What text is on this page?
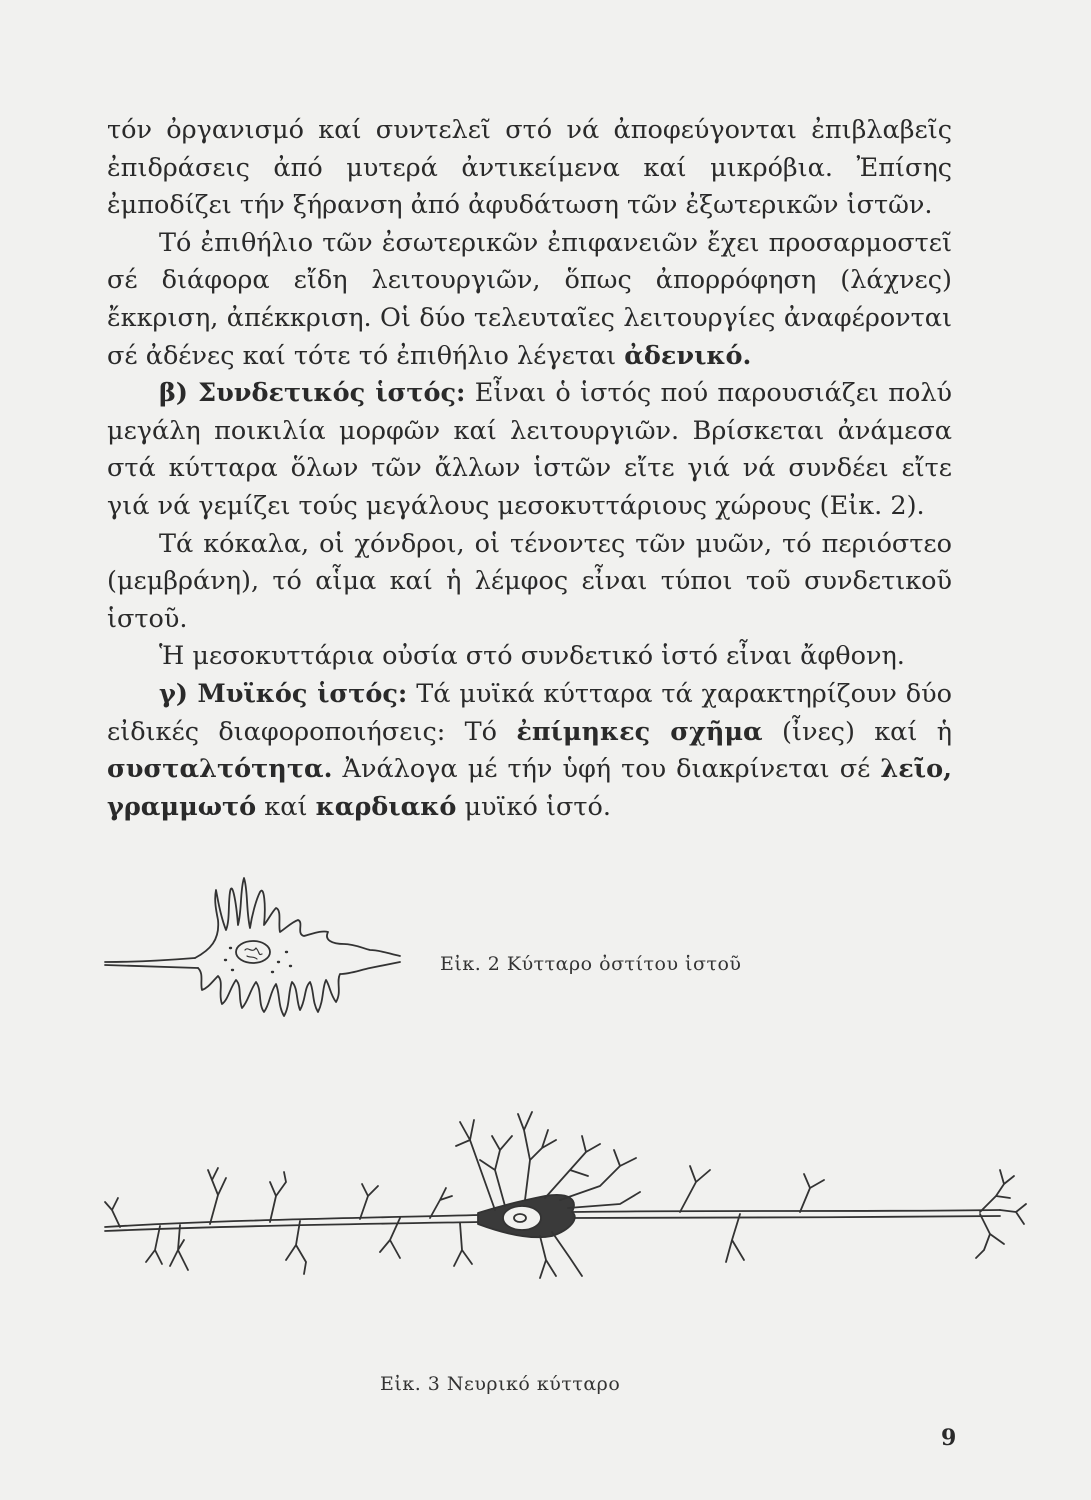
τόν ὀργανισμό καί συντελεῖ στό νά ἀποφεύγονται ἐπιβλαβεῖς ἐπιδράσεις ἀπό μυτερά ἀντικείμενα καί μικρόβια. Ἐπίσης ἐμποδίζει τήν ξήρανση ἀπό ἀφυδάτωση τῶν ἐξωτερικῶν ἱστῶν.

Τό ἐπιθήλιο τῶν ἐσωτερικῶν ἐπιφανειῶν ἔχει προσαρμοστεῖ σέ διάφορα εἴδη λειτουργιῶν, ὅπως ἀπορρόφηση (λάχνες) ἔκκριση, ἀπέκκριση. Οἱ δύο τελευταῖες λειτουργίες ἀναφέρονται σέ ἀδένες καί τότε τό ἐπιθήλιο λέγεται ἀδενικό.

β) Συνδετικός ἱστός: Εἶναι ὁ ἱστός πού παρουσιάζει πολύ μεγάλη ποικιλία μορφῶν καί λειτουργιῶν. Βρίσκεται ἀνάμεσα στά κύτταρα ὅλων τῶν ἄλλων ἱστῶν εἴτε γιά νά συνδέει εἴτε γιά νά γεμίζει τούς μεγάλους μεσοκυττάριους χώρους (Εἰκ. 2).

Τά κόκαλα, οἱ χόνδροι, οἱ τένοντες τῶν μυῶν, τό περιόστεο (μεμβράνη), τό αἷμα καί ἡ λέμφος εἶναι τύποι τοῦ συνδετικοῦ ἱστοῦ.

Ἡ μεσοκυττάρια οὐσία στό συνδετικό ἱστό εἶναι ἄφθονη.

γ) Μυϊκός ἱστός: Τά μυϊκά κύτταρα τά χαρακτηρίζουν δύο εἰδικές διαφοροποιήσεις: Τό ἐπίμηκες σχῆμα (ἶνες) καί ἡ συσταλτότητα. Ἀνάλογα μέ τήν ὑφή του διακρίνεται σέ λεῖο, γραμμωτό καί καρδιακό μυϊκό ἱστό.

Εἰκ. 2 Κύτταρο ὀστίτου ἱστοῦ
Εἰκ. 3 Νευρικό κύτταρο
9
